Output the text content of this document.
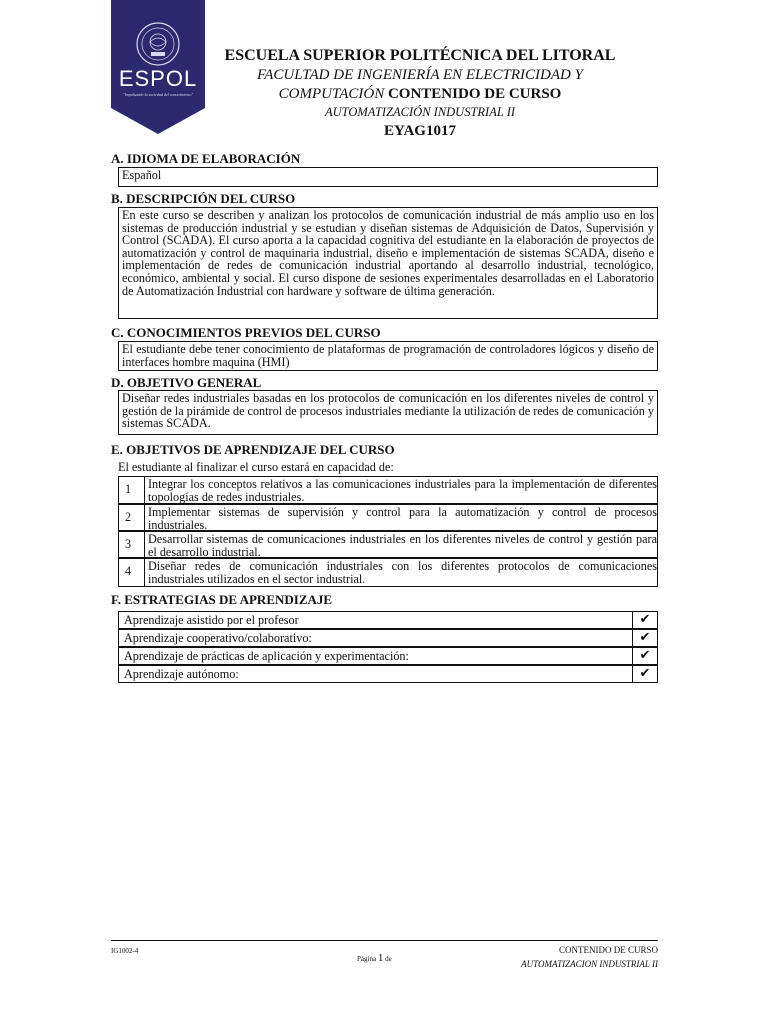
ESPOL
"Impulsando la sociedad del conocimiento"
ESCUELA SUPERIOR POLITÉCNICA DEL LITORAL
FACULTAD DE INGENIERÍA EN ELECTRICIDAD Y
COMPUTACIÓN CONTENIDO DE CURSO
AUTOMATIZACIÓN INDUSTRIAL II
EYAG1017
A. IDIOMA DE ELABORACIÓN
Español
B. DESCRIPCIÓN DEL CURSO
En este curso se describen y analizan los protocolos de comunicación industrial de más amplio uso en los sistemas de producción industrial y se estudian y diseñan sistemas de Adquisición de Datos, Supervisión y Control (SCADA). El curso aporta a la capacidad cognitiva del estudiante en la elaboración de proyectos de automatización y control de maquinaria industrial, diseño e implementación de sistemas SCADA, diseño e implementación de redes de comunicación industrial aportando al desarrollo industrial, tecnológico, económico, ambiental y social. El curso dispone de sesiones experimentales desarrolladas en el Laboratorio de Automatización Industrial con hardware y software de última generación.
C. CONOCIMIENTOS PREVIOS DEL CURSO
El estudiante debe tener conocimiento de plataformas de programación de controladores lógicos y diseño de interfaces hombre maquina (HMI)
D. OBJETIVO GENERAL
Diseñar redes industriales basadas en los protocolos de comunicación en los diferentes niveles de control y gestión de la pirámide de control de procesos industriales mediante la utilización de redes de comunicación y sistemas SCADA.
E. OBJETIVOS DE APRENDIZAJE DEL CURSO
El estudiante al finalizar el curso estará en capacidad de:
1	Integrar los conceptos relativos a las comunicaciones industriales para la implementación de diferentes topologías de redes industriales.
2	Implementar sistemas de supervisión y control para la automatización y control de procesos industriales.
3	Desarrollar sistemas de comunicaciones industriales en los diferentes niveles de control y gestión para el desarrollo industrial.
4	Diseñar redes de comunicación industriales con los diferentes protocolos de comunicaciones industriales utilizados en el sector industrial.
F. ESTRATEGIAS DE APRENDIZAJE
Aprendizaje asistido por el profesor	✔
Aprendizaje cooperativo/colaborativo:	✔
Aprendizaje de prácticas de aplicación y experimentación:	✔
Aprendizaje autónomo:	✔
IG1002-4
Página 1 de
CONTENIDO DE CURSO
AUTOMATIZACION INDUSTRIAL II
